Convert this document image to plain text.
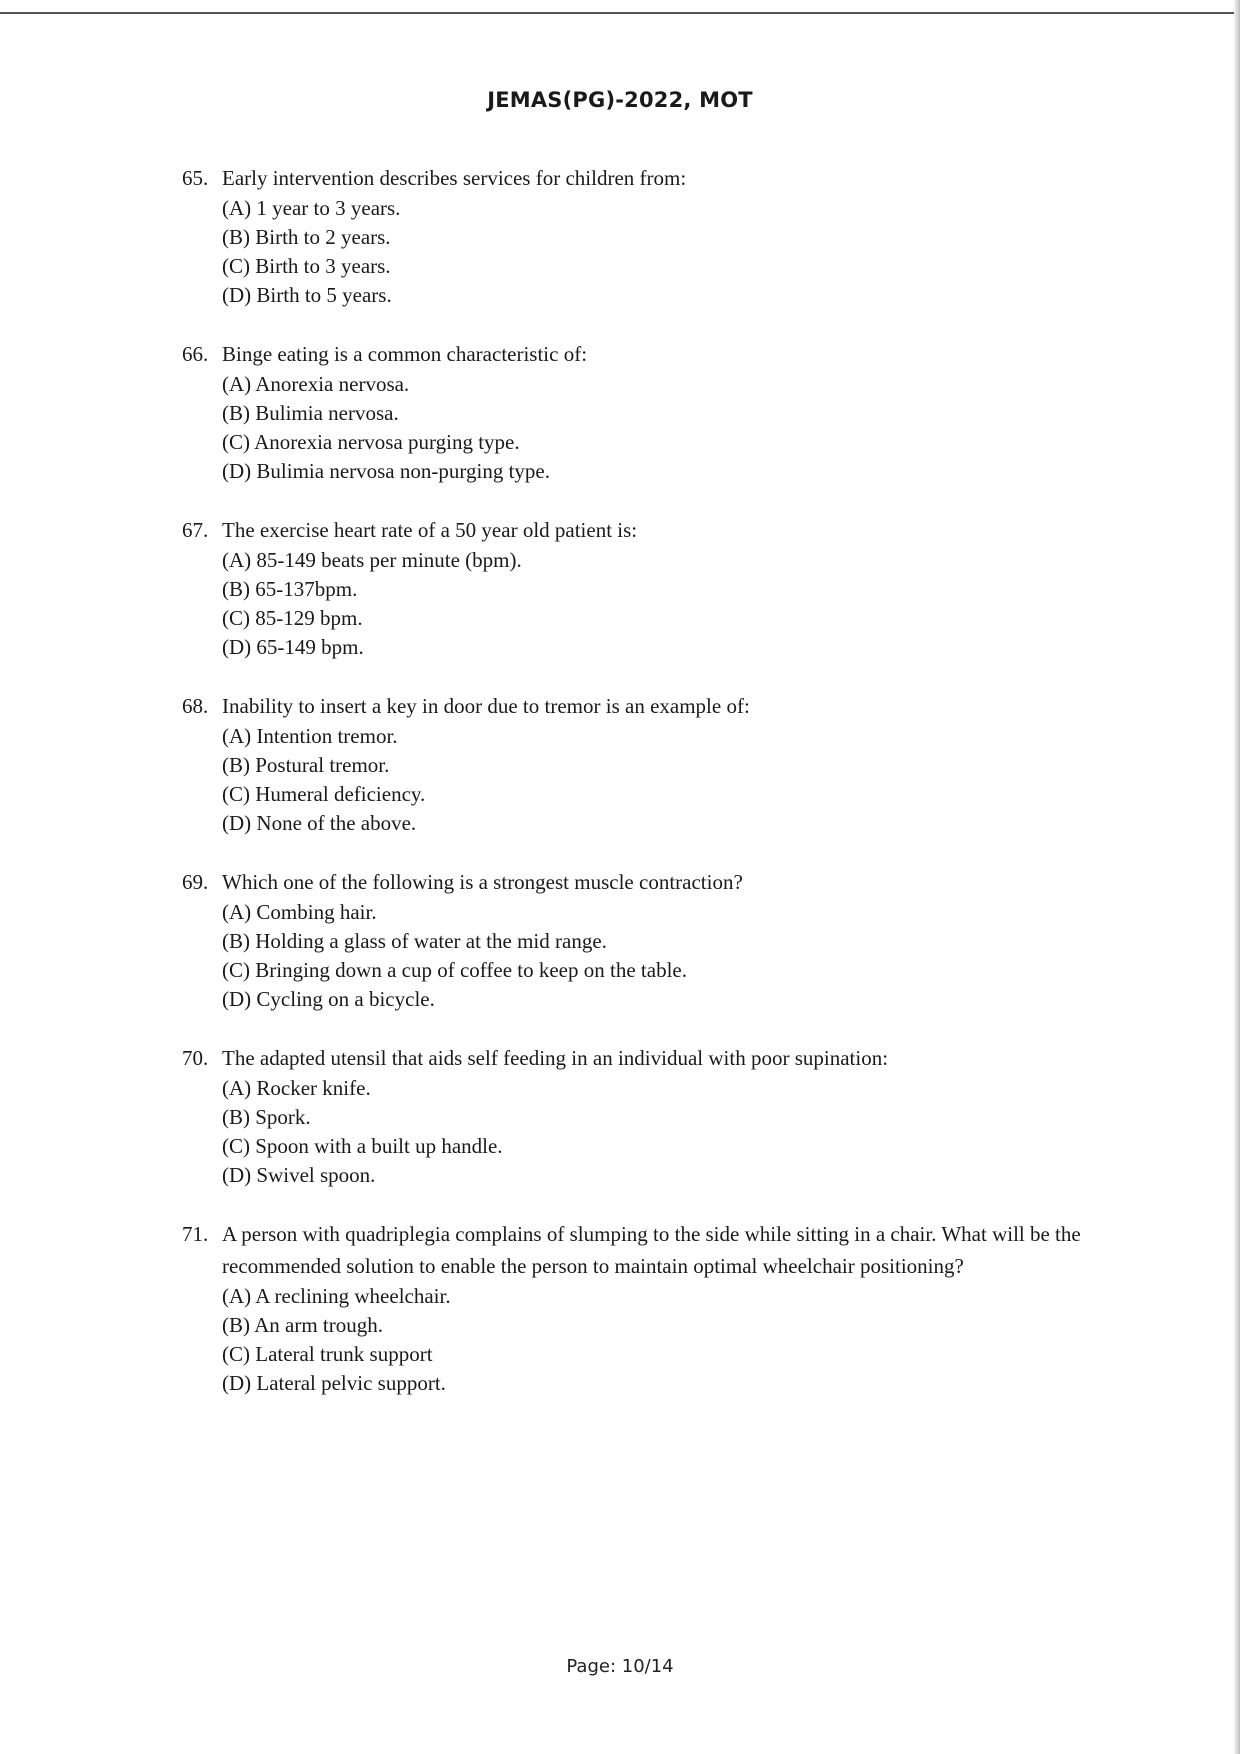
JEMAS(PG)-2022, MOT
65. Early intervention describes services for children from:
(A) 1 year to 3 years.
(B) Birth to 2 years.
(C) Birth to 3 years.
(D) Birth to 5 years.
66. Binge eating is a common characteristic of:
(A) Anorexia nervosa.
(B) Bulimia nervosa.
(C) Anorexia nervosa purging type.
(D) Bulimia nervosa non-purging type.
67. The exercise heart rate of a 50 year old patient is:
(A) 85-149 beats per minute (bpm).
(B) 65-137bpm.
(C) 85-129 bpm.
(D) 65-149 bpm.
68. Inability to insert a key in door due to tremor is an example of:
(A) Intention tremor.
(B) Postural tremor.
(C) Humeral deficiency.
(D) None of the above.
69. Which one of the following is a strongest muscle contraction?
(A) Combing hair.
(B) Holding a glass of water at the mid range.
(C) Bringing down a cup of coffee to keep on the table.
(D) Cycling on a bicycle.
70. The adapted utensil that aids self feeding in an individual with poor supination:
(A) Rocker knife.
(B) Spork.
(C) Spoon with a built up handle.
(D) Swivel spoon.
71. A person with quadriplegia complains of slumping to the side while sitting in a chair. What will be the recommended solution to enable the person to maintain optimal wheelchair positioning?
(A) A reclining wheelchair.
(B) An arm trough.
(C) Lateral trunk support
(D) Lateral pelvic support.
Page: 10/14
